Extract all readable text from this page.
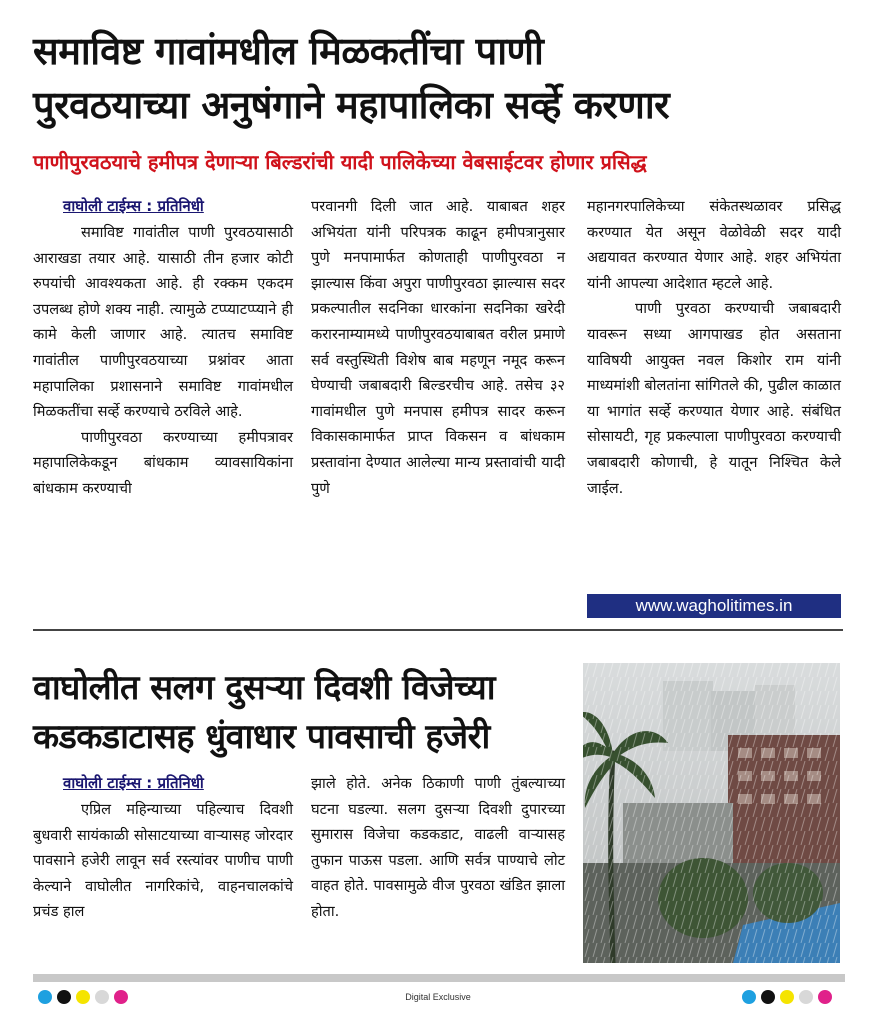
समाविष्ट गावांमधील मिळकतींचा पाणी
पुरवठयाच्या अनुषंगाने महापालिका सर्व्हे करणार
पाणीपुरवठयाचे हमीपत्र देणाऱ्या बिल्डरांची यादी पालिकेच्या वेबसाईटवर होणार प्रसिद्ध
वाघोली टाईम्स : प्रतिनिधी

समाविष्ट गावांतील पाणी पुरवठयासाठी आराखडा तयार आहे. यासाठी तीन हजार कोटी रुपयांची आवश्यकता आहे. ही रक्कम एकदम उपलब्ध होणे शक्य नाही. त्यामुळे टप्प्याटप्प्याने ही कामे केली जाणार आहे. त्यातच समाविष्ट गावांतील पाणीपुरवठयाच्या प्रश्नांवर आता महापालिका प्रशासनाने समाविष्ट गावांमधील मिळकतींचा सर्व्हे करण्याचे ठरविले आहे.

पाणीपुरवठा करण्याच्या हमीपत्रावर महापालिकेकडून बांधकाम व्यावसायिकांना बांधकाम करण्याची

परवानगी दिली जात आहे. याबाबत शहर अभियंता यांनी परिपत्रक काढून हमीपत्रानुसार पुणे मनपामार्फत कोणताही पाणीपुरवठा न झाल्यास किंवा अपुरा पाणीपुरवठा झाल्यास सदर प्रकल्पातील सदनिका धारकांना सदनिका खरेदी करारनाम्यामध्ये पाणीपुरवठयाबाबत वरील प्रमाणे सर्व वस्तुस्थिती विशेष बाब महणून नमूद करून घेण्याची जबाबदारी बिल्डरचीच आहे. तसेच ३२ गावांमधील पुणे मनपास हमीपत्र सादर करून विकासकामार्फत प्राप्त विकसन व बांधकाम प्रस्तावांना देण्यात आलेल्या मान्य प्रस्तावांची यादी पुणे

महानगरपालिकेच्या संकेतस्थळावर प्रसिद्ध करण्यात येत असून वेळोवेळी सदर यादी अद्ययावत करण्यात येणार आहे. शहर अभियंता यांनी आपल्या आदेशात म्हटले आहे.

पाणी पुरवठा करण्याची जबाबदारी यावरून सध्या आगपाखड होत असताना याविषयी आयुक्त नवल किशोर राम यांनी माध्यमांशी बोलतांना सांगितले की, पुढील काळात या भागांत सर्व्हे करण्यात येणार आहे. संबंधित सोसायटी, गृह प्रकल्पाला पाणीपुरवठा करण्याची जबाबदारी कोणाची, हे यातून निश्चित केले जाईल.

www.wagholitimes.in
वाघोलीत सलग दुसऱ्या दिवशी विजेच्या
कडकडाटासह धुंवाधार पावसाची हजेरी
वाघोली टाईम्स : प्रतिनिधी

एप्रिल महिन्याच्या पहिल्याच दिवशी बुधवारी सायंकाळी सोसाटयाच्या वाऱ्यासह जोरदार पावसाने हजेरी लावून सर्व रस्त्यांवर पाणीच पाणी केल्याने वाघोलीत नागरिकांचे, वाहनचालकांचे प्रचंड हाल

झाले होते. अनेक ठिकाणी पाणी तुंबल्याच्या घटना घडल्या. सलग दुसऱ्या दिवशी दुपारच्या सुमारास विजेचा कडकडाट, वाढली वाऱ्यासह तुफान पाऊस पडला. आणि सर्वत्र पाण्याचे लोट वाहत होते. पावसामुळे वीज पुरवठा खंडित झाला होता.

Digital Exclusive
